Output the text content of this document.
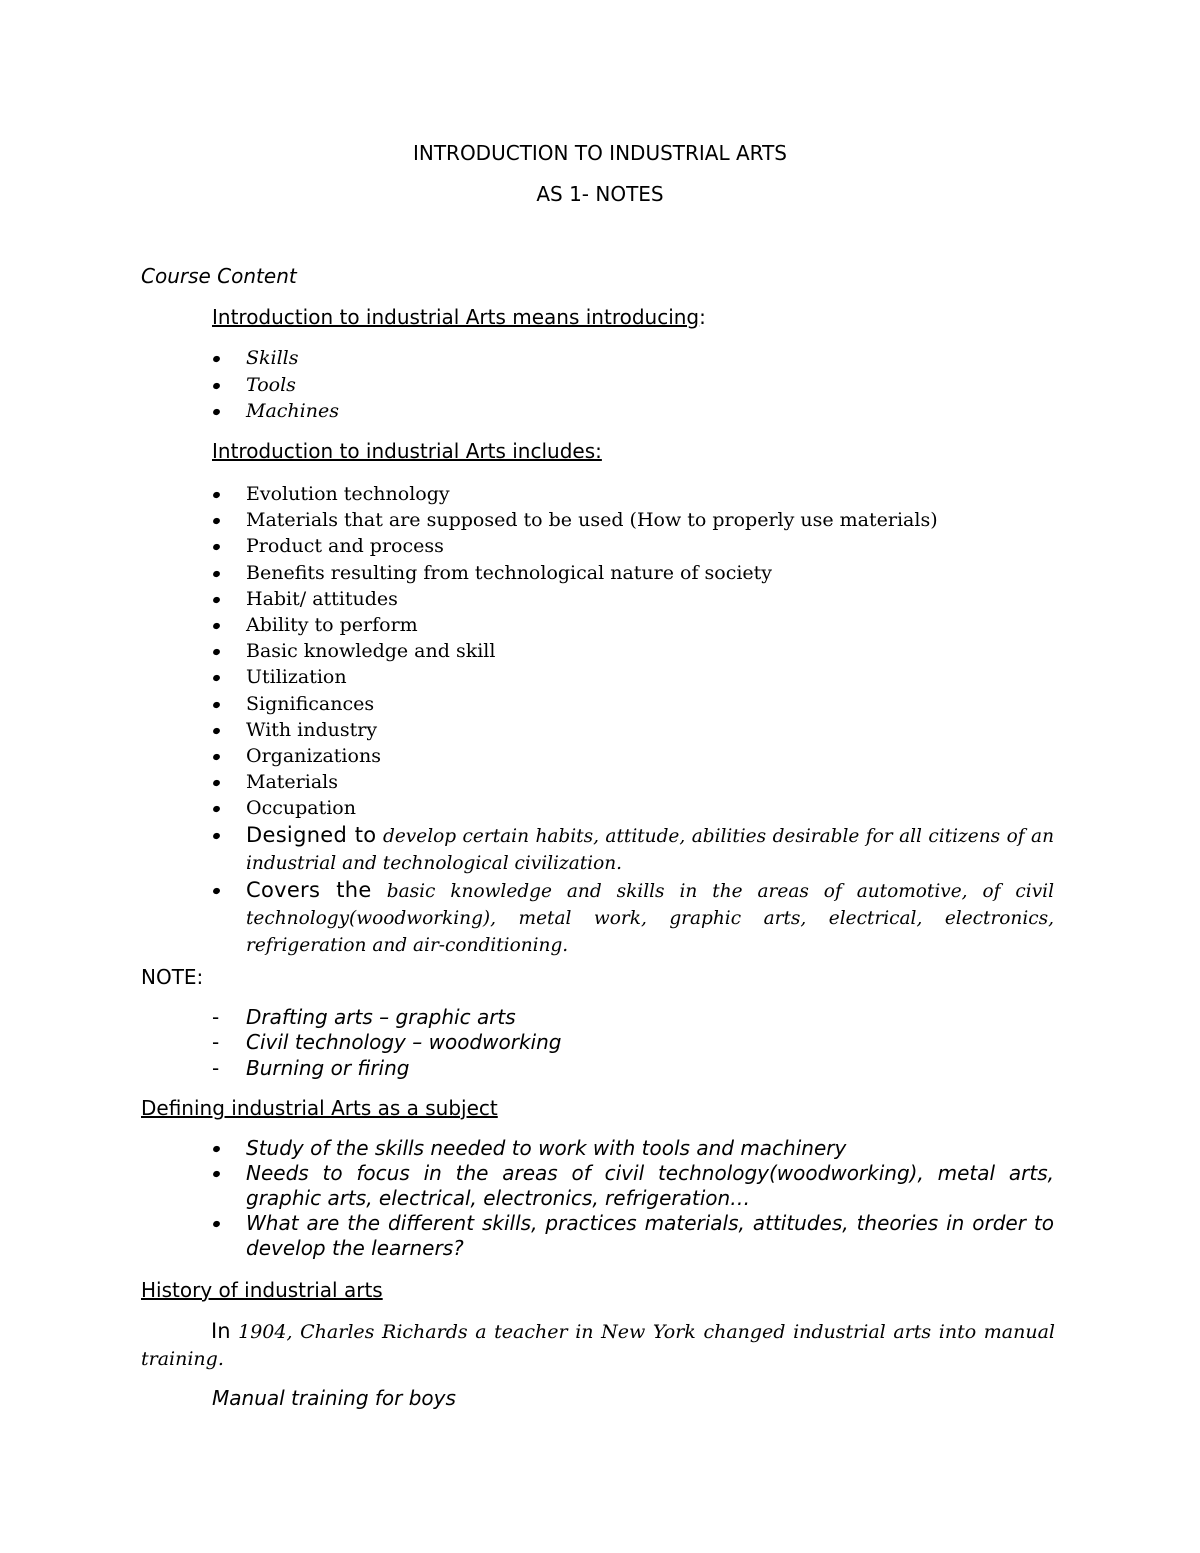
INTRODUCTION TO INDUSTRIAL ARTS
AS 1- NOTES
Course Content
Introduction to industrial Arts means introducing:
Skills
Tools
Machines
Introduction to industrial Arts includes:
Evolution technology
Materials that are supposed to be used (How to properly use materials)
Product and process
Benefits resulting from technological nature of society
Habit/ attitudes
Ability to perform
Basic knowledge and skill
Utilization
Significances
With industry
Organizations
Materials
Occupation
Designed to develop certain habits, attitude, abilities desirable for all citizens of an industrial and technological civilization.
Covers the basic knowledge and skills in the areas of automotive, of civil technology(woodworking), metal work, graphic arts, electrical, electronics, refrigeration and air-conditioning.
NOTE:
- Drafting arts – graphic arts
- Civil technology – woodworking
- Burning or firing
Defining industrial Arts as a subject
Study of the skills needed to work with tools and machinery
Needs to focus in the areas of civil technology(woodworking), metal arts, graphic arts, electrical, electronics, refrigeration…
What are the different skills, practices materials, attitudes, theories in order to develop the learners?
History of industrial arts
In 1904, Charles Richards a teacher in New York changed industrial arts into manual training.
Manual training for boys
